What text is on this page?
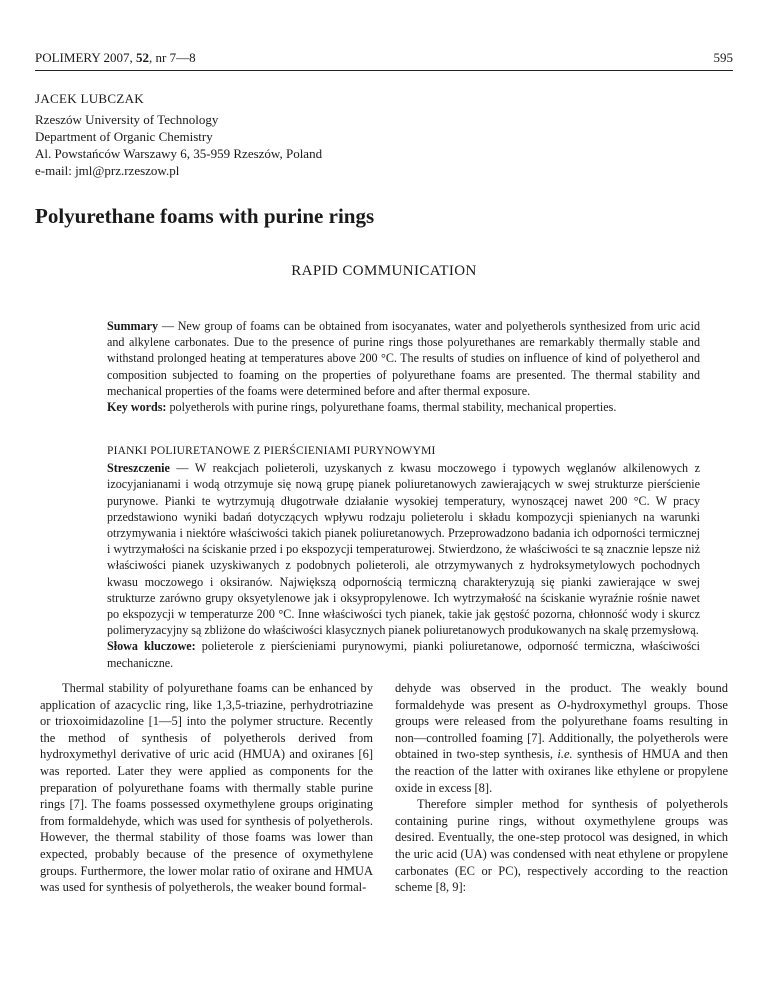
POLIMERY 2007, 52, nr 7—8	595
JACEK LUBCZAK
Rzeszów University of Technology
Department of Organic Chemistry
Al. Powstańców Warszawy 6, 35-959 Rzeszów, Poland
e-mail: jml@prz.rzeszow.pl
Polyurethane foams with purine rings
RAPID COMMUNICATION

Summary — New group of foams can be obtained from isocyanates, water and polyetherols synthesized from uric acid and alkylene carbonates. Due to the presence of purine rings those polyurethanes are remarkably thermally stable and withstand prolonged heating at temperatures above 200 °C. The results of studies on influence of kind of polyetherol and composition subjected to foaming on the properties of polyurethane foams are presented. The thermal stability and mechanical properties of the foams were determined before and after thermal exposure.

Key words: polyetherols with purine rings, polyurethane foams, thermal stability, mechanical properties.

PIANKI POLIURETANOWE Z PIERŚCIENIAMI PURYNOWYMI

Streszczenie — W reakcjach polieteroli, uzyskanych z kwasu moczowego i typowych węglanów alkilenowych z izocyjanianami i wodą otrzymuje się nową grupę pianek poliuretanowych zawierających w swej strukturze pierścienie purynowe. Pianki te wytrzymują długotrwałe działanie wysokiej temperatury, wynoszącej nawet 200 °C. W pracy przedstawiono wyniki badań dotyczących wpływu rodzaju polieterolu i składu kompozycji spienianych na warunki otrzymywania i niektóre właściwości takich pianek poliuretanowych. Przeprowadzono badania ich odporności termicznej i wytrzymałości na ściskanie przed i po ekspozycji temperaturowej. Stwierdzono, że właściwości te są znacznie lepsze niż właściwości pianek uzyskiwanych z podobnych polieteroli, ale otrzymywanych z hydroksymetylowych pochodnych kwasu moczowego i oksiranów. Największą odpornością termiczną charakteryzują się pianki zawierające w swej strukturze zarówno grupy oksyetylenowe jak i oksypropylenowe. Ich wytrzymałość na ściskanie wyraźnie rośnie nawet po ekspozycji w temperaturze 200 °C. Inne właściwości tych pianek, takie jak gęstość pozorna, chłonność wody i skurcz polimeryzacyjny są zbliżone do właściwości klasycznych pianek poliuretanowych produkowanych na skalę przemysłową.

Słowa kluczowe: polieterole z pierścieniami purynowymi, pianki poliuretanowe, odporność termiczna, właściwości mechaniczne.

Thermal stability of polyurethane foams can be enhanced by application of azacyclic ring, like 1,3,5-triazine, perhydrotriazine or trioxoimidazoline [1—5] into the polymer structure. Recently the method of synthesis of polyetherols derived from hydroxymethyl derivative of uric acid (HMUA) and oxiranes [6] was reported. Later they were applied as components for the preparation of polyurethane foams with thermally stable purine rings [7]. The foams possessed oxymethylene groups originating from formaldehyde, which was used for synthesis of polyetherols. However, the thermal stability of those foams was lower than expected, probably because of the presence of oxymethylene groups. Furthermore, the lower molar ratio of oxirane and HMUA was used for synthesis of polyetherols, the weaker bound formal-

dehyde was observed in the product. The weakly bound formaldehyde was present as O-hydroxymethyl groups. Those groups were released from the polyurethane foams resulting in non—controlled foaming [7]. Additionally, the polyetherols were obtained in two-step synthesis, i.e. synthesis of HMUA and then the reaction of the latter with oxiranes like ethylene or propylene oxide in excess [8].

Therefore simpler method for synthesis of polyetherols containing purine rings, without oxymethylene groups was desired. Eventually, the one-step protocol was designed, in which the uric acid (UA) was condensed with neat ethylene or propylene carbonates (EC or PC), respectively according to the reaction scheme [8, 9]:
